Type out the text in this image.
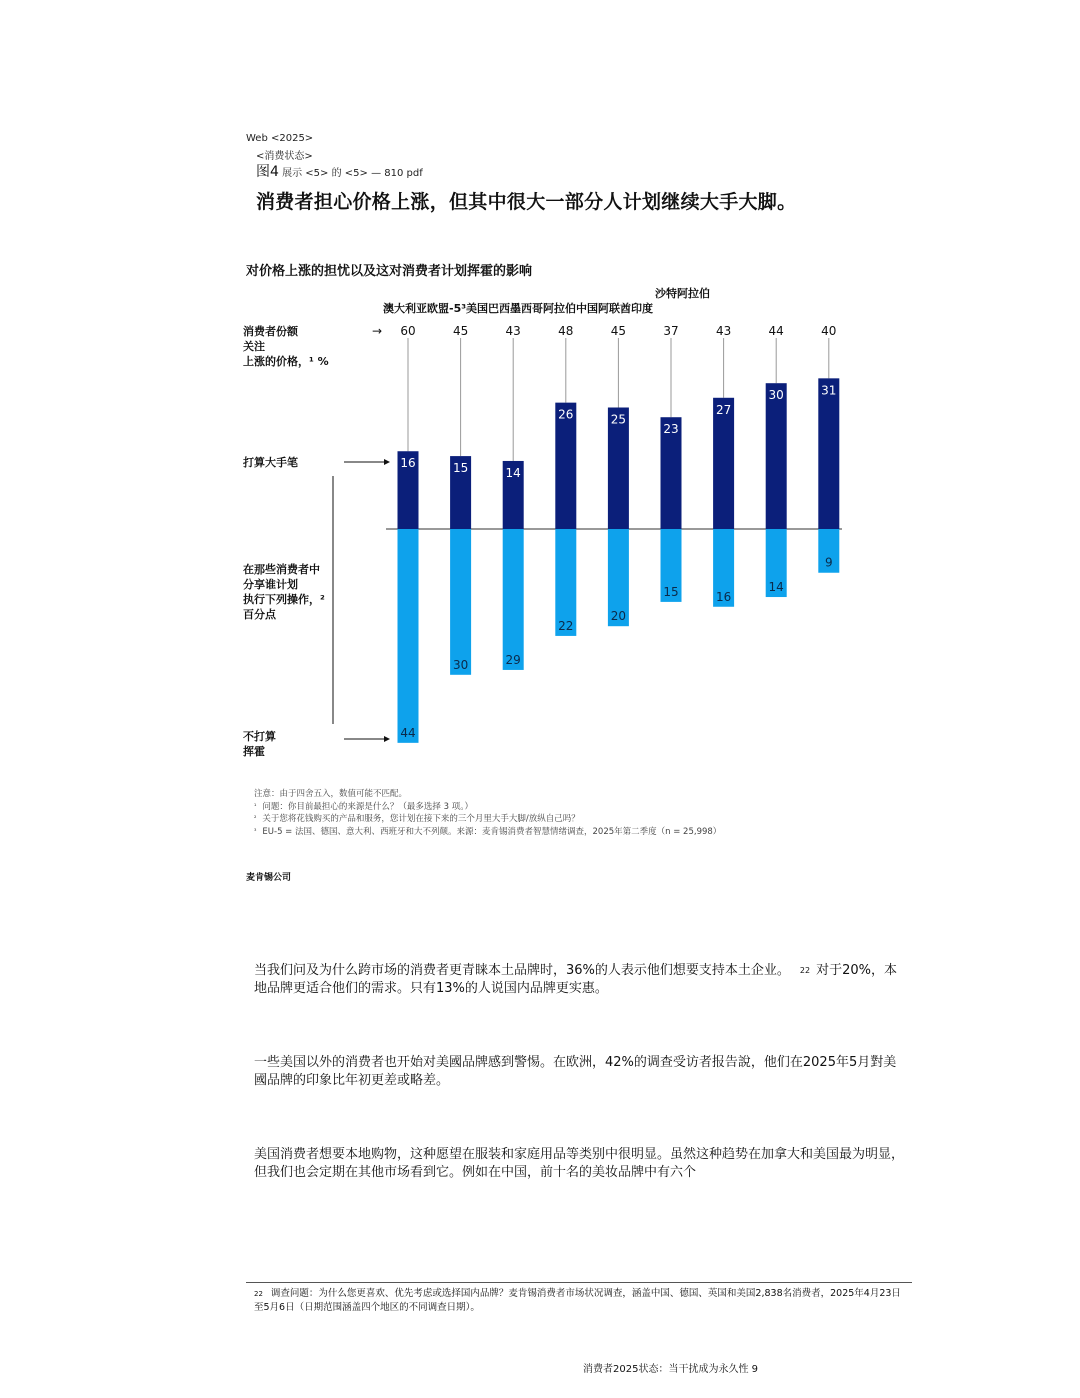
Web <2025>
<消费状态>
图4 展示 <5> 的 <5> — 810 pdf
消费者担心价格上涨，但其中很大一部分人计划继续大手大脚。
对价格上涨的担忧以及这对消费者计划挥霍的影响
澳大利亚欧盟-5³美国巴西墨西哥阿拉伯中国阿联酋印度
沙特阿拉伯
消费者份额
关注
上涨的价格，¹ %
→
打算大手笔
在那些消费者中
分享谁计划
执行下列操作，²
百分点
不打算
挥霍
60
16
44
45
15
30
43
14
29
48
26
22
45
25
20
37
23
15
43
27
16
44
30
14
40
31
9
注意：由于四舍五入，数值可能不匹配。
$^{^1}$ 问题：你目前最担心的来源是什么？（最多选择 3 项。）
$^{^2}$ 关于您将花钱购买的产品和服务，您计划在接下来的三个月里大手大脚/放纵自己吗？
$^{^3}$ EU-5 = 法国、德国、意大利、西班牙和大不列颠。来源：麦肯锡消费者智慧情绪调查，2025年第二季度（n = 25,998）
麦肯锡公司
当我们问及为什么跨市场的消费者更青睐本土品牌时，36%的人表示他们想要支持本土企业。 $^{22}$ 对于20%，本地品牌更适合他们的需求。只有13%的人说国内品牌更实惠。
一些美国以外的消费者也开始对美國品牌感到警惕。在欧洲，42%的调查受访者报告說，他们在2025年5月對美國品牌的印象比年初更差或略差。
美国消费者想要本地购物，这种愿望在服装和家庭用品等类别中很明显。虽然这种趋势在加拿大和美国最为明显，但我们也会定期在其他市场看到它。例如在中国，前十名的美妆品牌中有六个
$^{22}$ 调查问题：为什么您更喜欢、优先考虑或选择国内品牌？麦肯锡消费者市场状况调查，涵盖中国、德国、英国和美国2,838名消费者，2025年4月23日至5月6日（日期范围涵盖四个地区的不同调查日期）。
消费者2025状态：当干扰成为永久性 9
